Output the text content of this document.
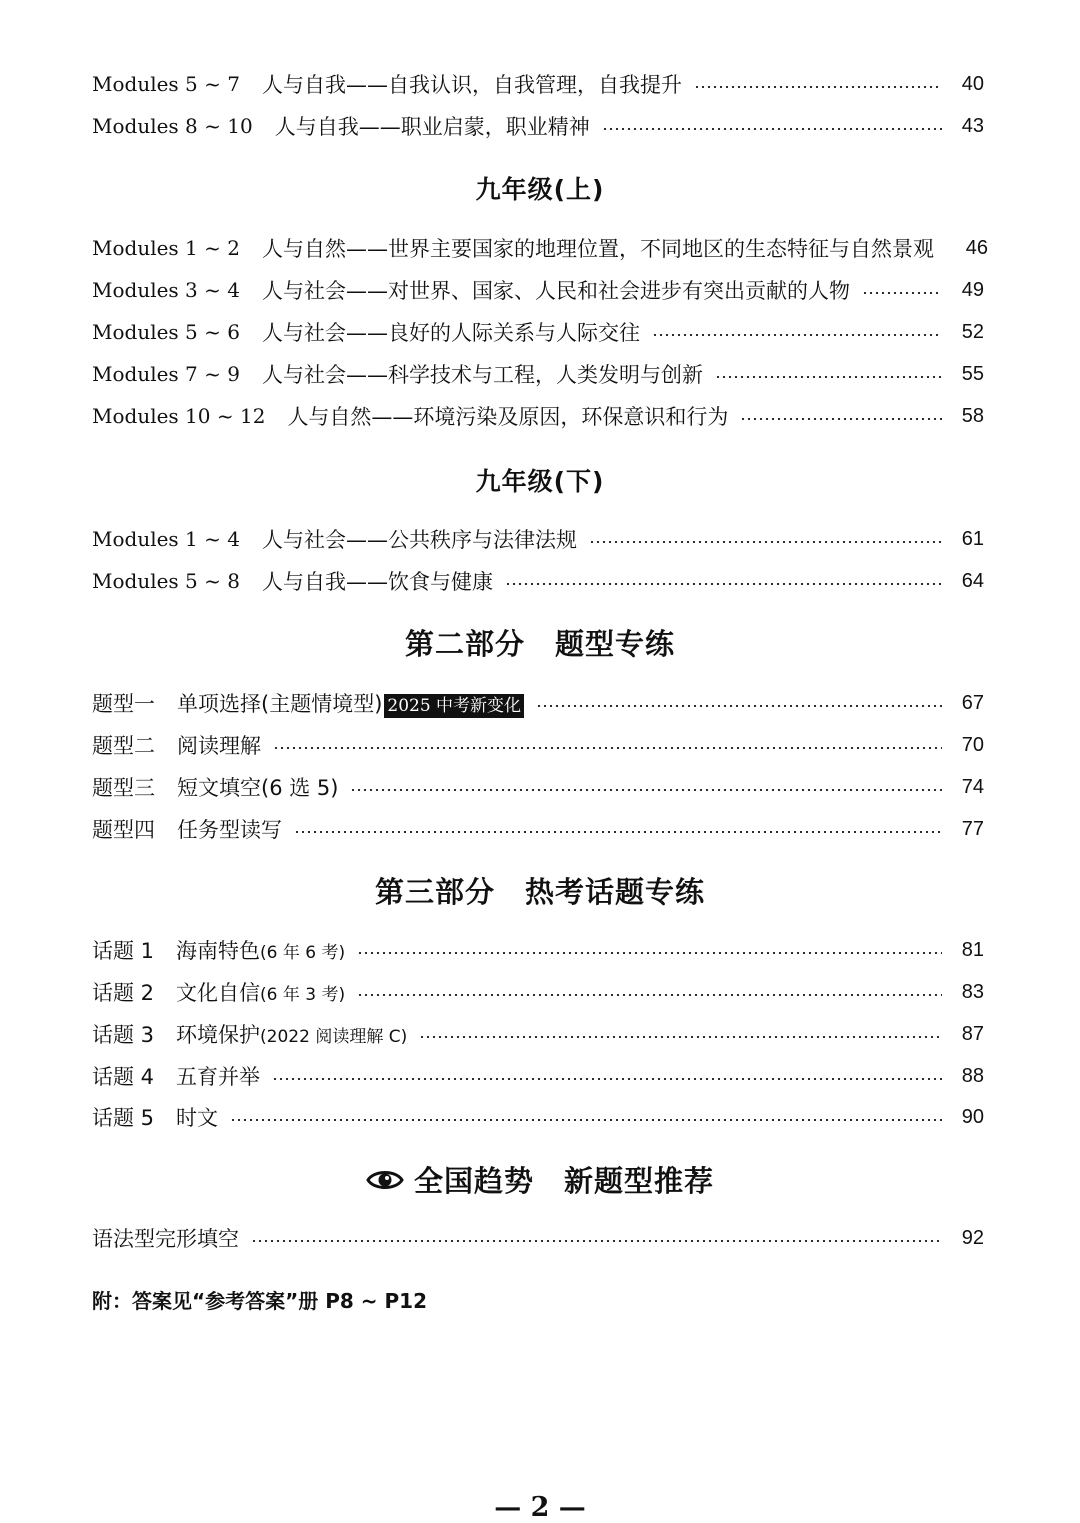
Modules 5 ~ 7 人与自我——自我认识，自我管理，自我提升	40
Modules 8 ~ 10 人与自我——职业启蒙，职业精神	43
九年级(上)
Modules 1 ~ 2 人与自然——世界主要国家的地理位置，不同地区的生态特征与自然景观	46
Modules 3 ~ 4 人与社会——对世界、国家、人民和社会进步有突出贡献的人物	49
Modules 5 ~ 6 人与社会——良好的人际关系与人际交往	52
Modules 7 ~ 9 人与社会——科学技术与工程，人类发明与创新	55
Modules 10 ~ 12 人与自然——环境污染及原因，环保意识和行为	58
九年级(下)
Modules 1 ~ 4 人与社会——公共秩序与法律法规	61
Modules 5 ~ 8 人与自我——饮食与健康	64
第二部分 题型专练
题型一 单项选择(主题情境型) 2025 中考新变化	67
题型二 阅读理解	70
题型三 短文填空(6 选 5)	74
题型四 任务型读写	77
第三部分 热考话题专练
话题 1 海南特色(6 年 6 考)	81
话题 2 文化自信(6 年 3 考)	83
话题 3 环境保护(2022 阅读理解 C)	87
话题 4 五育并举	88
话题 5 时文	90
全国趋势 新题型推荐
语法型完形填空	92
附：答案见“参考答案”册 P8 ~ P12
— 2 —
